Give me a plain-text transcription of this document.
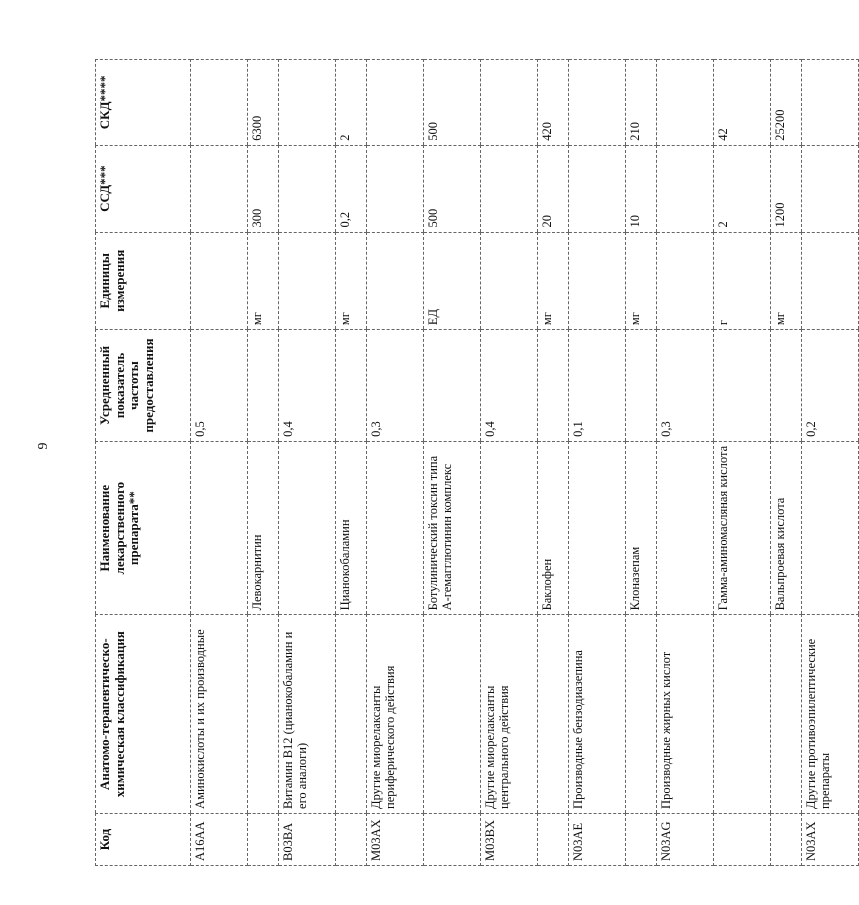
9
Код	Анатомо-терапевтическо-химическая классификация	Наименование лекарственного препарата**	Усредненный показатель частоты предоставления	Единицы измерения	ССД***	СКД****
A16AA	Аминокислоты и их производные		0,5			
		Левокарнитин		мг	300	6300
B03BA	Витамин B12 (цианокобаламин и его аналоги)		0,4			
		Цианокобаламин		мг	0,2	2
M03AX	Другие миорелаксанты периферического действия		0,3			
		Ботулинический токсин типа А-гемагглютинин комплекс		ЕД	500	500
M03BX	Другие миорелаксанты центрального действия		0,4			
		Баклофен		мг	20	420
N03AE	Производные бензодиазепина		0,1			
		Клоназепам		мг	10	210
N03AG	Производные жирных кислот		0,3			
		Гамма-аминомасляная кислота		г	2	42
		Вальпроевая кислота		мг	1200	25200
N03AX	Другие противоэпилептические препараты		0,2			
